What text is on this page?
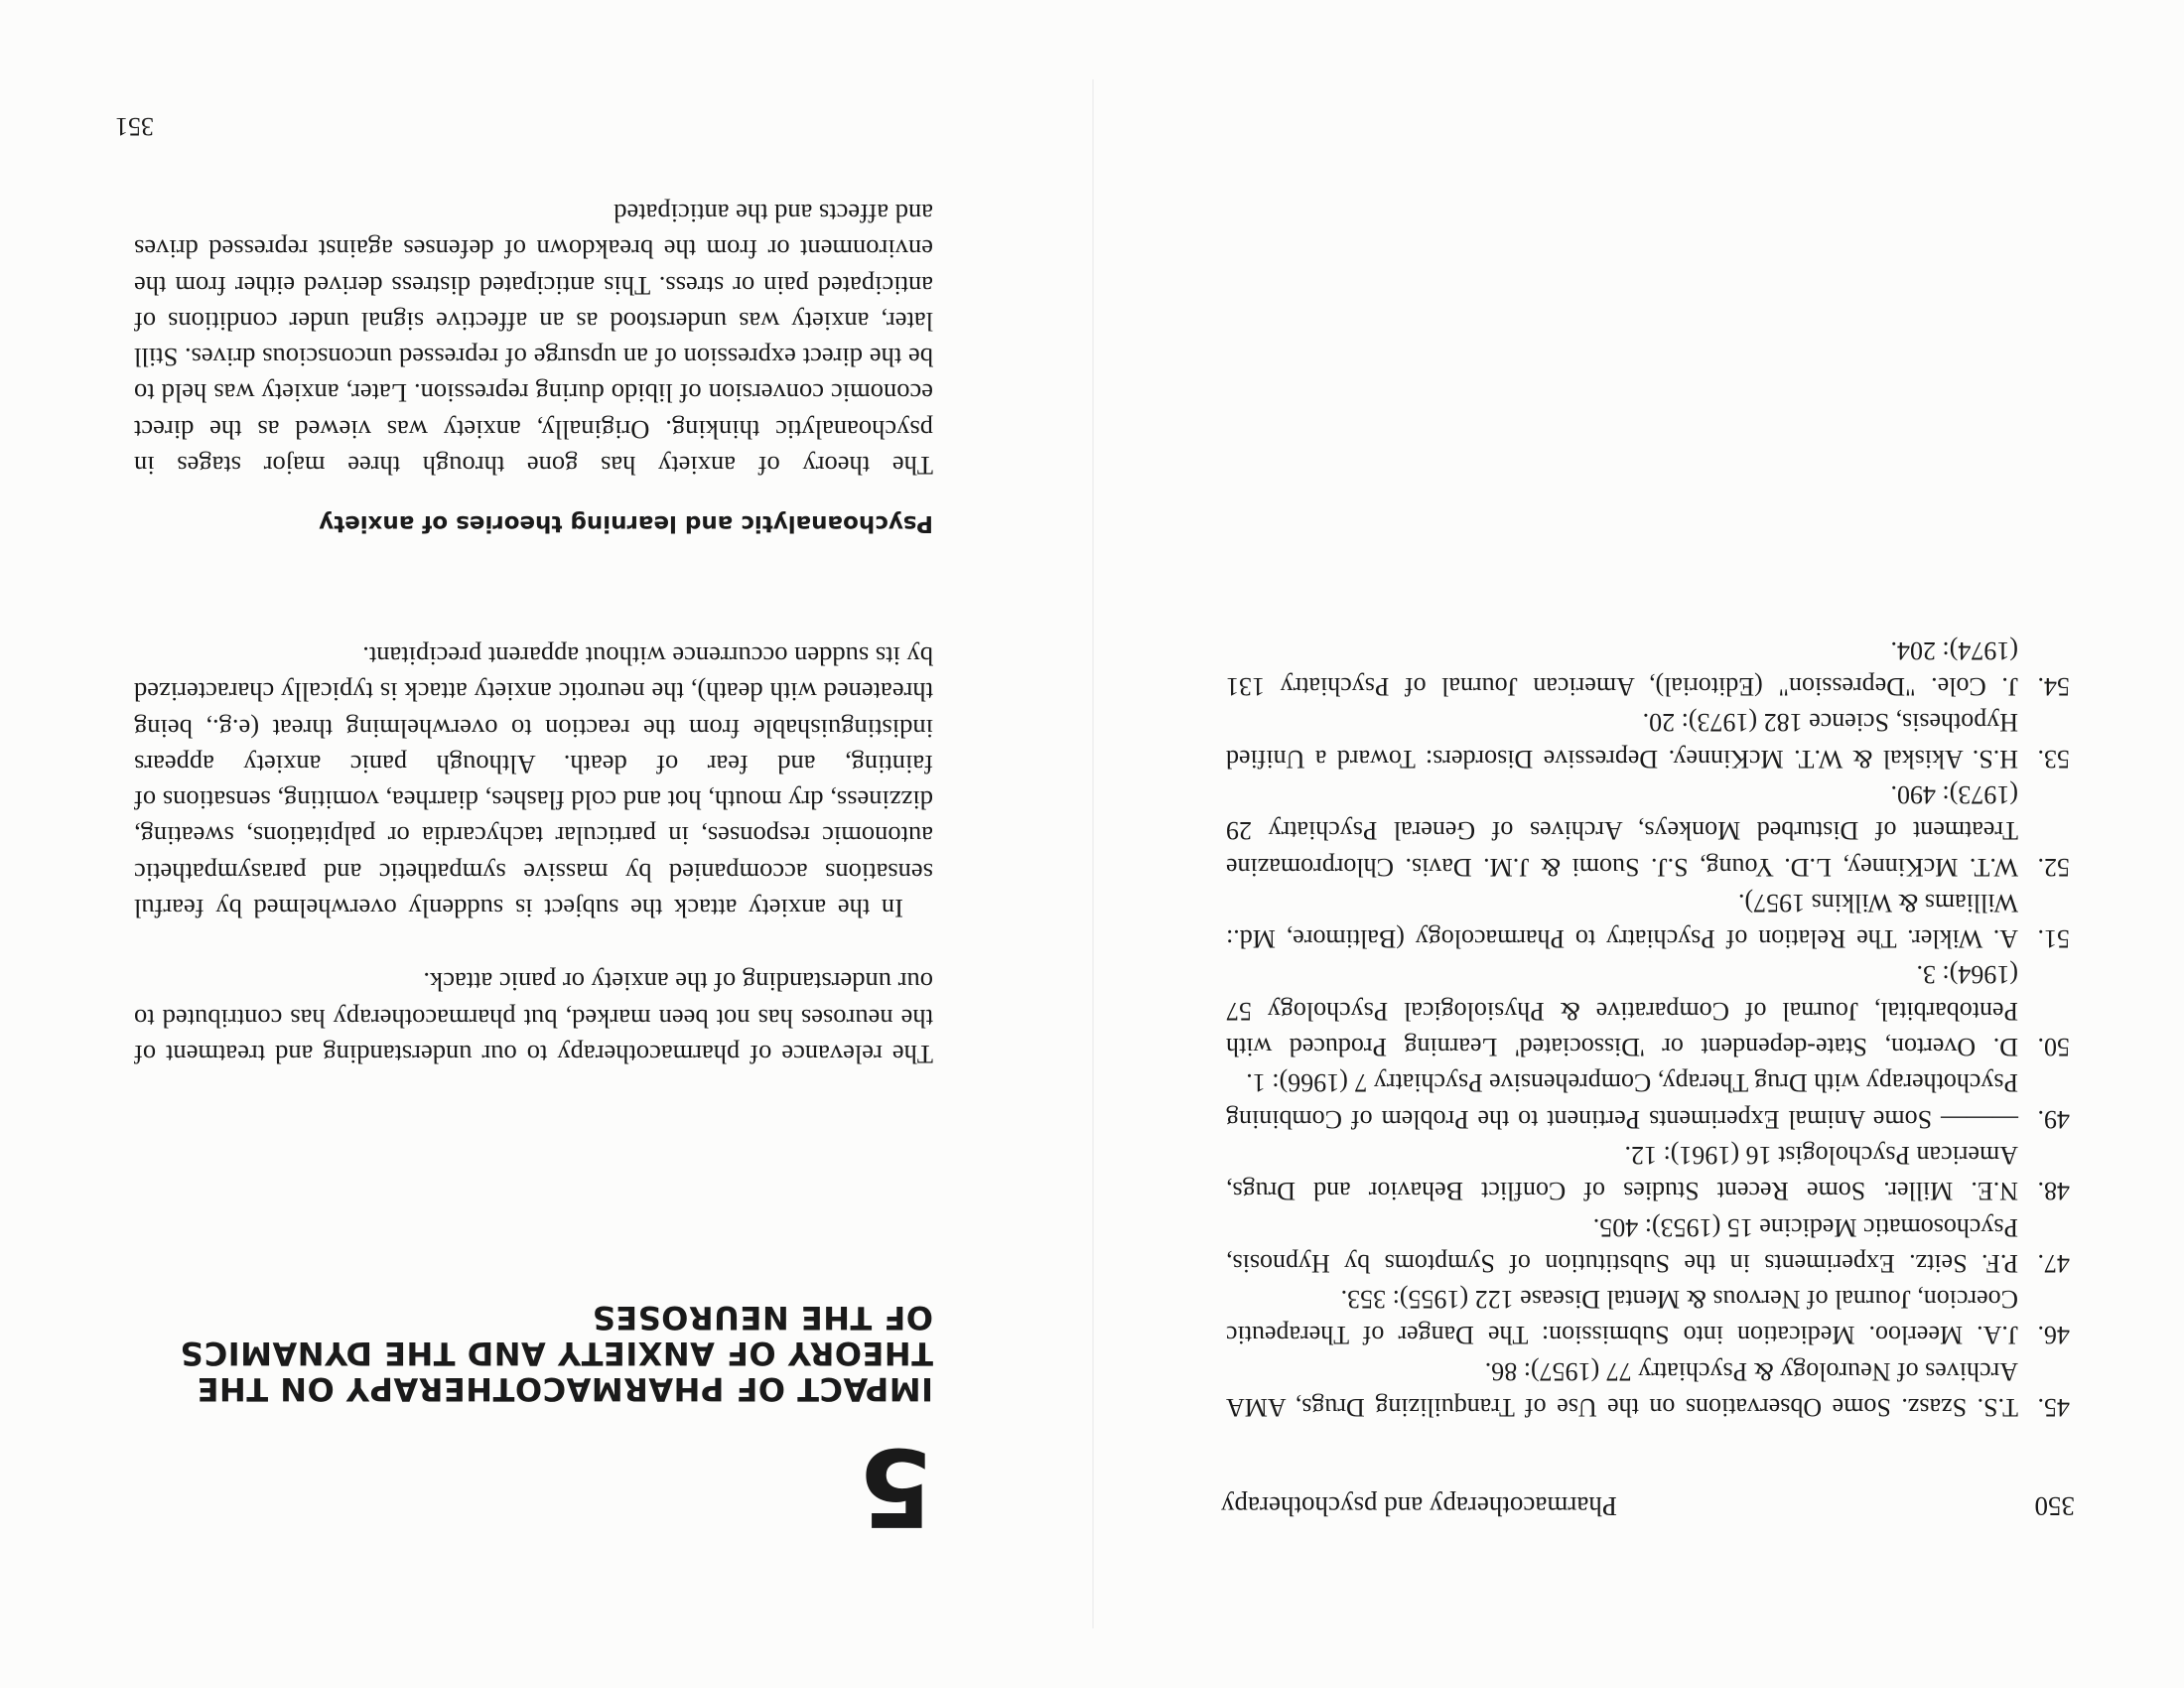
350
Pharmacotherapy and psychotherapy
45.
T.S. Szasz. Some Observations on the Use of Tranquilizing Drugs, AMA Archives of Neurology & Psychiatry 77 (1957): 86.
46.
J.A. Meerloo. Medication into Submission: The Danger of Therapeutic Coercion, Journal of Nervous & Mental Disease 122 (1955): 353.
47.
P.F. Seitz. Experiments in the Substitution of Symptoms by Hypnosis, Psychosomatic Medicine 15 (1953): 405.
48.
N.E. Miller. Some Recent Studies of Conflict Behavior and Drugs, American Psychologist 16 (1961): 12.
49.
——— Some Animal Experiments Pertinent to the Problem of Combining Psychotherapy with Drug Therapy, Comprehensive Psychiatry 7 (1966): 1.
50.
D. Overton, State-dependent or 'Dissociated' Learning Produced with Pentobarbital, Journal of Comparative & Physiological Psychology 57 (1964): 3.
51.
A. Wikler. The Relation of Psychiatry to Pharmacology (Baltimore, Md.: Williams & Wilkins 1957).
52.
W.T. McKinney, L.D. Young, S.J. Suomi & J.M. Davis. Chlorpromazine Treatment of Disturbed Monkeys, Archives of General Psychiatry 29 (1973): 490.
53.
H.S. Akiskal & W.T. McKinney. Depressive Disorders: Toward a Unified Hypothesis, Science 182 (1973): 20.
54.
J. Cole. "Depression" (Editorial), American Journal of Psychiatry 131 (1974): 204.
5
IMPACT OF PHARMACOTHERAPY ON THE THEORY OF ANXIETY AND THE DYNAMICS OF THE NEUROSES

The relevance of pharmacotherapy to our understanding and treatment of the neuroses has not been marked, but pharmacotherapy has contributed to our understanding of the anxiety or panic attack.

In the anxiety attack the subject is suddenly overwhelmed by fearful sensations accompanied by massive sympathetic and parasympathetic autonomic responses, in particular tachycardia or palpitations, sweating, dizziness, dry mouth, hot and cold flashes, diarrhea, vomiting, sensations of fainting, and fear of death. Although panic anxiety appears indistinguishable from the reaction to overwhelming threat (e.g., being threatened with death), the neurotic anxiety attack is typically characterized by its sudden occurrence without apparent precipitant.

Psychoanalytic and learning theories of anxiety

The theory of anxiety has gone through three major stages in psychoanalytic thinking. Originally, anxiety was viewed as the direct economic conversion of libido during repression. Later, anxiety was held to be the direct expression of an upsurge of repressed unconscious drives. Still later, anxiety was understood as an affective signal under conditions of anticipated pain or stress. This anticipated distress derived either from the environment or from the breakdown of defenses against repressed drives and affects and the anticipated

351
